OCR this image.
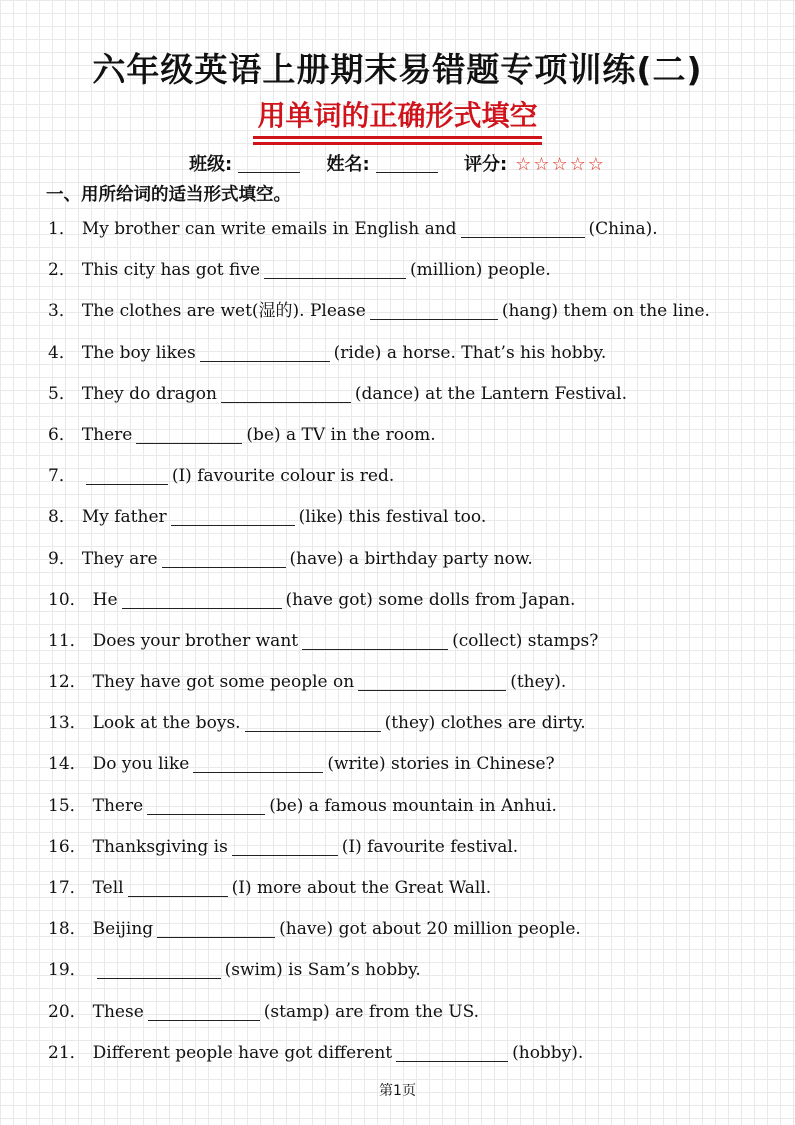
六年级英语上册期末易错题专项训练(二)
用单词的正确形式填空
班级:	姓名:	评分: ☆☆☆☆☆
一、用所给词的适当形式填空。
1． My brother can write emails in English and	(China).
2． This city has got five	(million) people.
3． The clothes are wet(湿的). Please	(hang) them on the line.
4． The boy likes	(ride) a horse. That’s his hobby.
5． They do dragon	(dance) at the Lantern Festival.
6． There	(be) a TV in the room.
7．	(I) favourite colour is red.
8． My father	(like) this festival too.
9． They are	(have) a birthday party now.
10． He	(have got) some dolls from Japan.
11． Does your brother want	(collect) stamps?
12． They have got some people on	(they).
13． Look at the boys.	(they) clothes are dirty.
14． Do you like	(write) stories in Chinese?
15． There	(be) a famous mountain in Anhui.
16． Thanksgiving is	(I) favourite festival.
17． Tell	(I) more about the Great Wall.
18． Beijing	(have) got about 20 million people.
19．	(swim) is Sam’s hobby.
20． These	(stamp) are from the US.
21． Different people have got different	(hobby).
第1页
